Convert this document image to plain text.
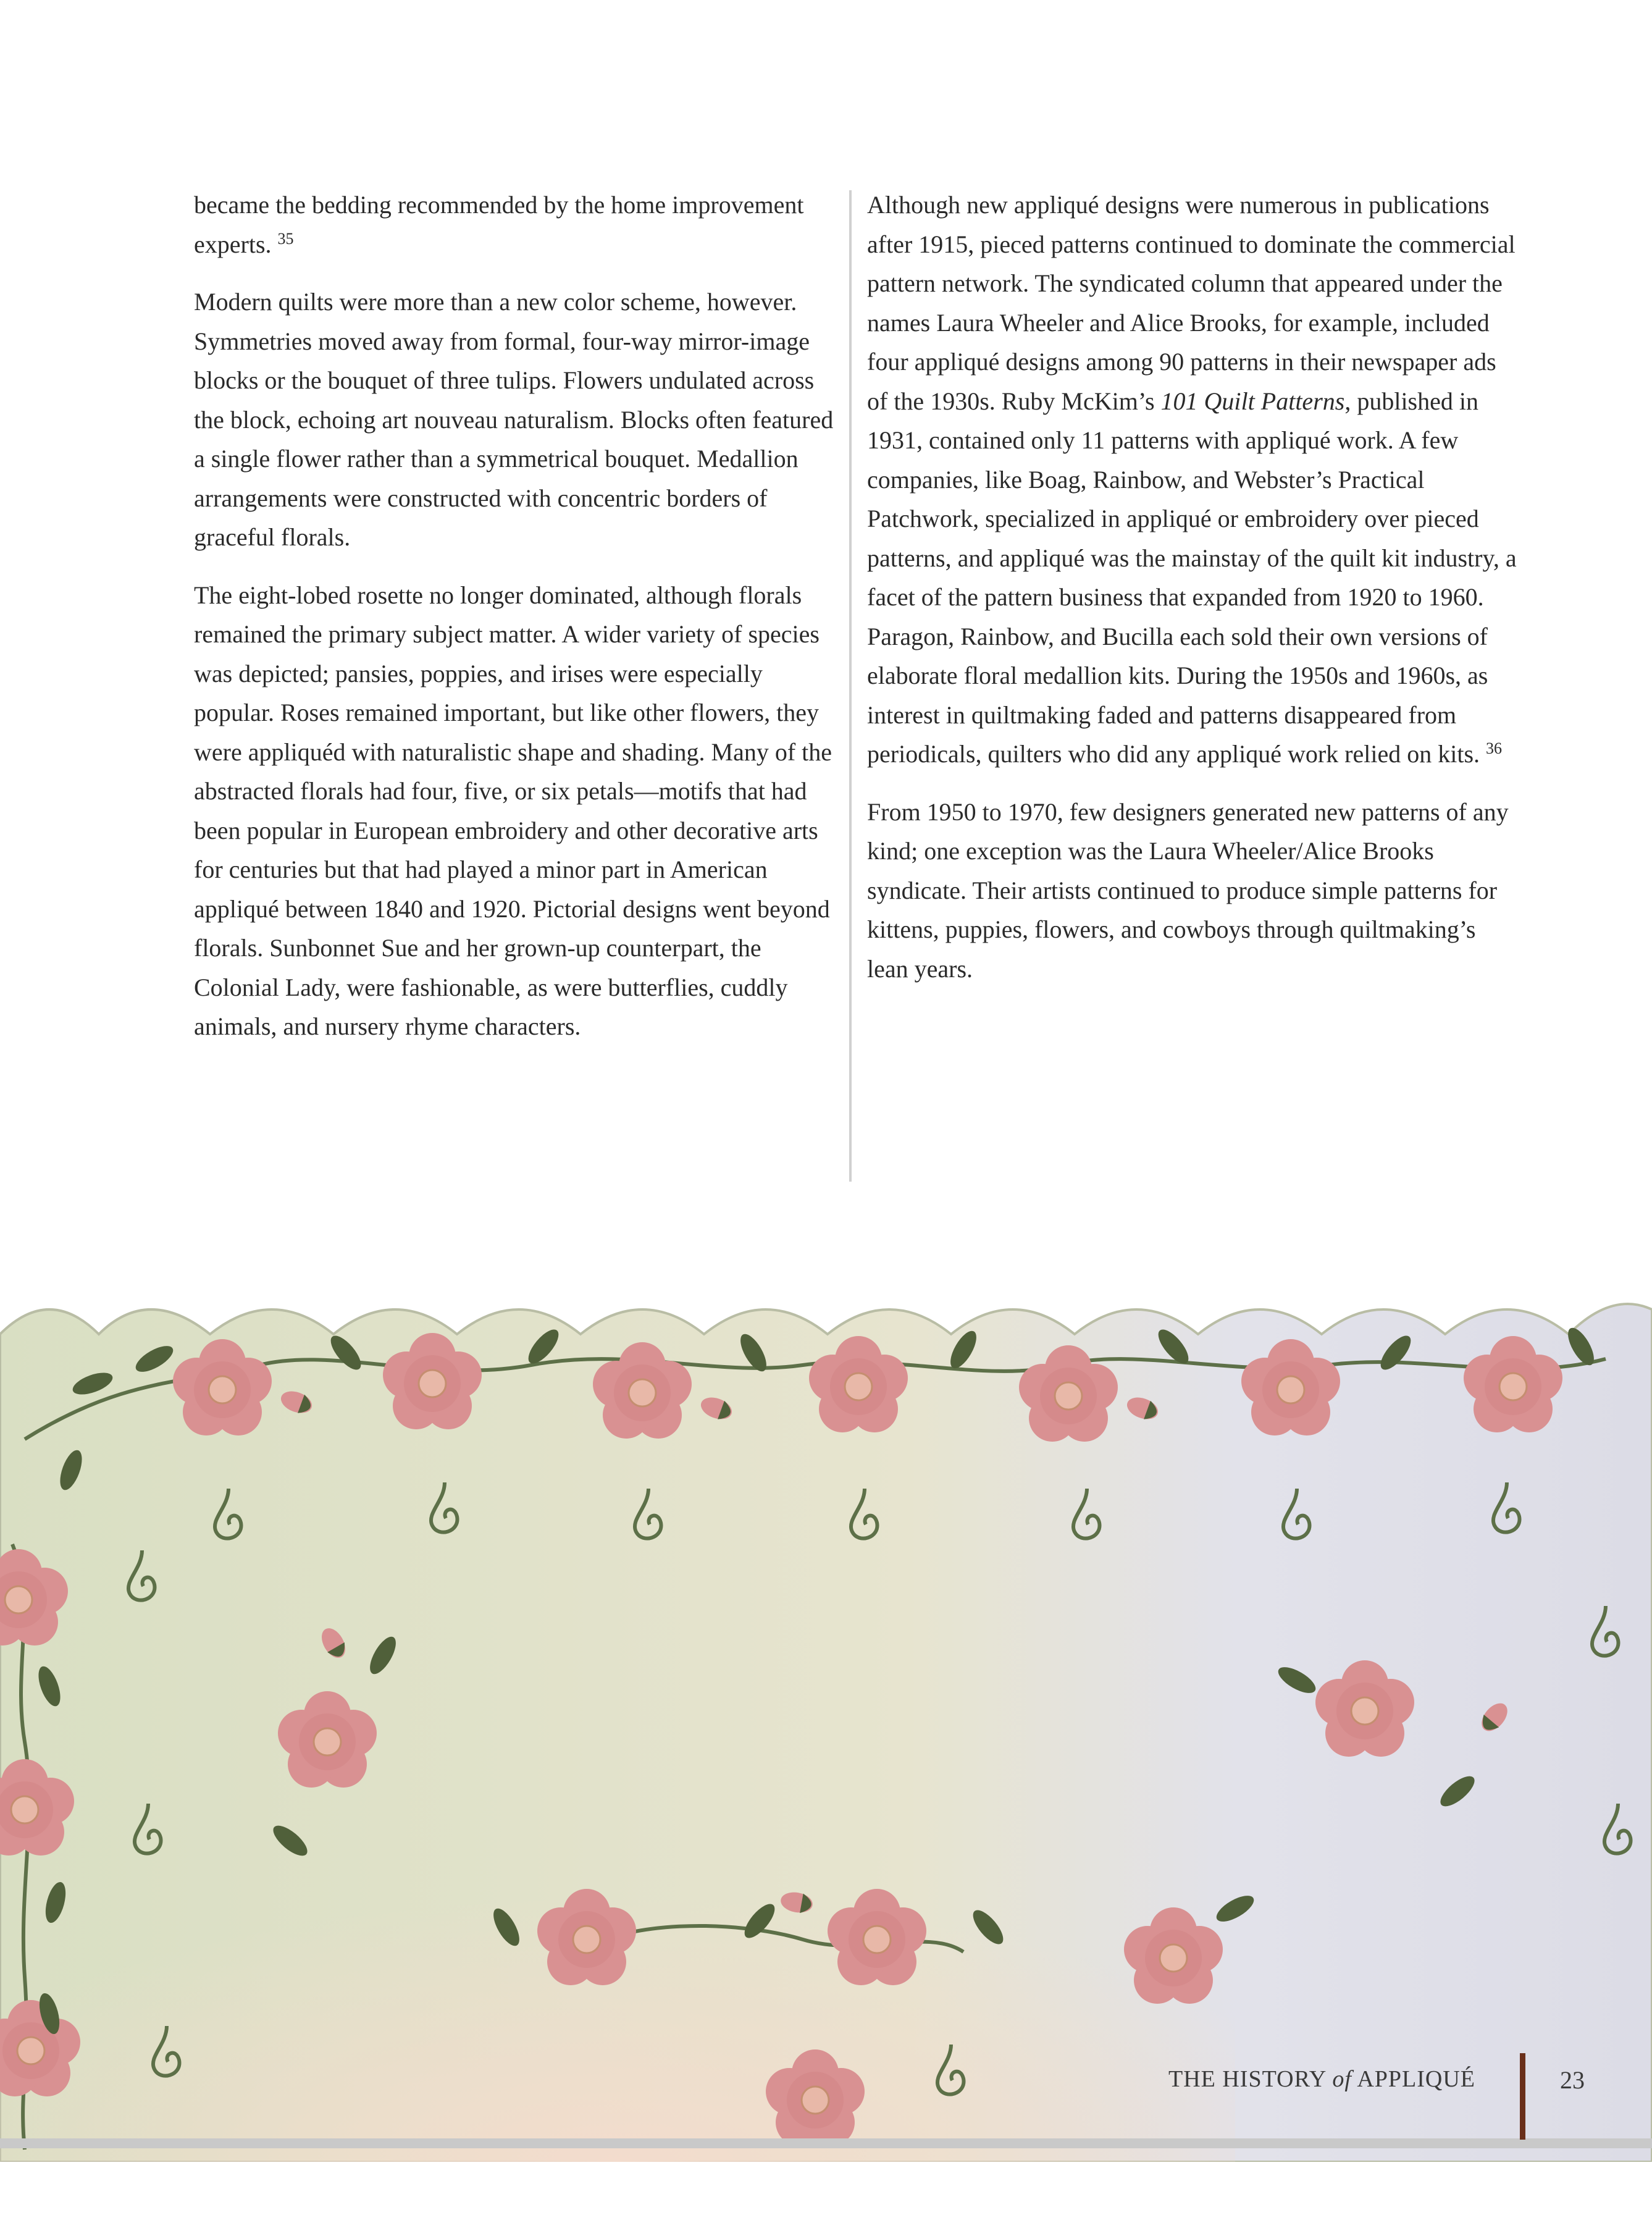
became the bedding recommended by the home improvement experts. $^{35}$

Modern quilts were more than a new color scheme, however. Symmetries moved away from formal, four-way mirror-image blocks or the bouquet of three tulips. Flowers undulated across the block, echoing art nouveau naturalism. Blocks often featured a single flower rather than a symmetrical bouquet. Medallion arrangements were constructed with concentric borders of graceful florals.

The eight-lobed rosette no longer dominated, although florals remained the primary subject matter. A wider variety of species was depicted; pansies, poppies, and irises were especially popular. Roses remained important, but like other flowers, they were appliquéd with naturalistic shape and shading. Many of the abstracted florals had four, five, or six petals—motifs that had been popular in European embroidery and other decorative arts for centuries but that had played a minor part in American appliqué between 1840 and 1920. Pictorial designs went beyond florals. Sunbonnet Sue and her grown-up counterpart, the Colonial Lady, were fashionable, as were butterflies, cuddly animals, and nursery rhyme characters.

Although new appliqué designs were numerous in publications after 1915, pieced patterns continued to dominate the commercial pattern network. The syndicated column that appeared under the names Laura Wheeler and Alice Brooks, for example, included four appliqué designs among 90 patterns in their newspaper ads of the 1930s. Ruby McKim’s 101 Quilt Patterns, published in 1931, contained only 11 patterns with appliqué work. A few companies, like Boag, Rainbow, and Webster’s Practical Patchwork, specialized in appliqué or embroidery over pieced patterns, and appliqué was the mainstay of the quilt kit industry, a facet of the pattern business that expanded from 1920 to 1960. Paragon, Rainbow, and Bucilla each sold their own versions of elaborate floral medallion kits. During the 1950s and 1960s, as interest in quiltmaking faded and patterns disappeared from periodicals, quilters who did any appliqué work relied on kits. $^{36}$

From 1950 to 1970, few designers generated new patterns of any kind; one exception was the Laura Wheeler/Alice Brooks syndicate. Their artists continued to produce simple patterns for kittens, puppies, flowers, and cowboys through quiltmaking’s lean years.

THE HISTORY of APPLIQUÉ	23
